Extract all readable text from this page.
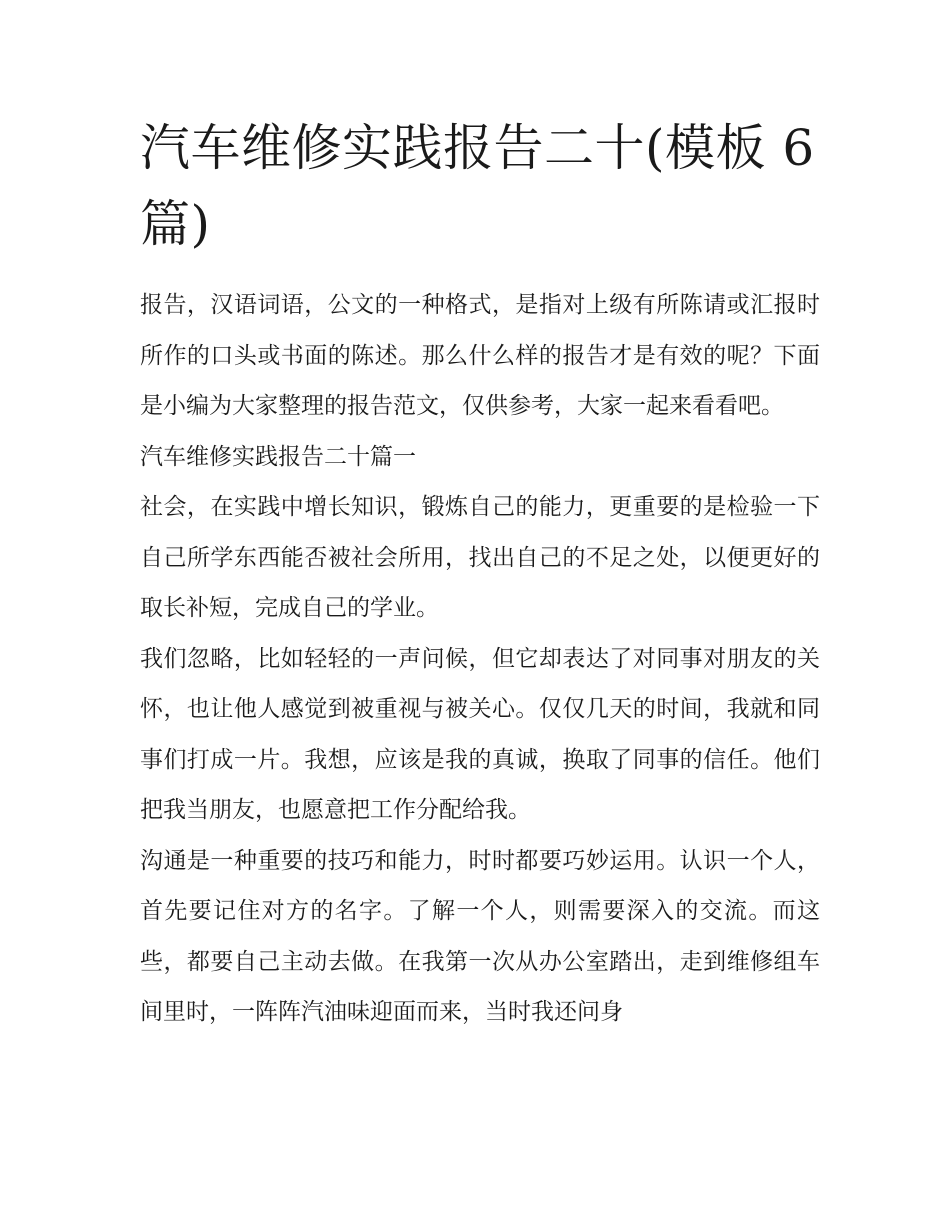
汽车维修实践报告二十(模板 6 篇)

报告，汉语词语，公文的一种格式，是指对上级有所陈请或汇报时所作的口头或书面的陈述。那么什么样的报告才是有效的呢？下面是小编为大家整理的报告范文，仅供参考，大家一起来看看吧。

汽车维修实践报告二十篇一

社会，在实践中增长知识，锻炼自己的能力，更重要的是检验一下自己所学东西能否被社会所用，找出自己的不足之处，以便更好的取长补短，完成自己的学业。

我们忽略，比如轻轻的一声问候，但它却表达了对同事对朋友的关怀，也让他人感觉到被重视与被关心。仅仅几天的时间，我就和同事们打成一片。我想，应该是我的真诚，换取了同事的信任。他们把我当朋友，也愿意把工作分配给我。

沟通是一种重要的技巧和能力，时时都要巧妙运用。认识一个人，首先要记住对方的名字。了解一个人，则需要深入的交流。而这些，都要自己主动去做。在我第一次从办公室踏出，走到维修组车间里时，一阵阵汽油味迎面而来，当时我还问身
